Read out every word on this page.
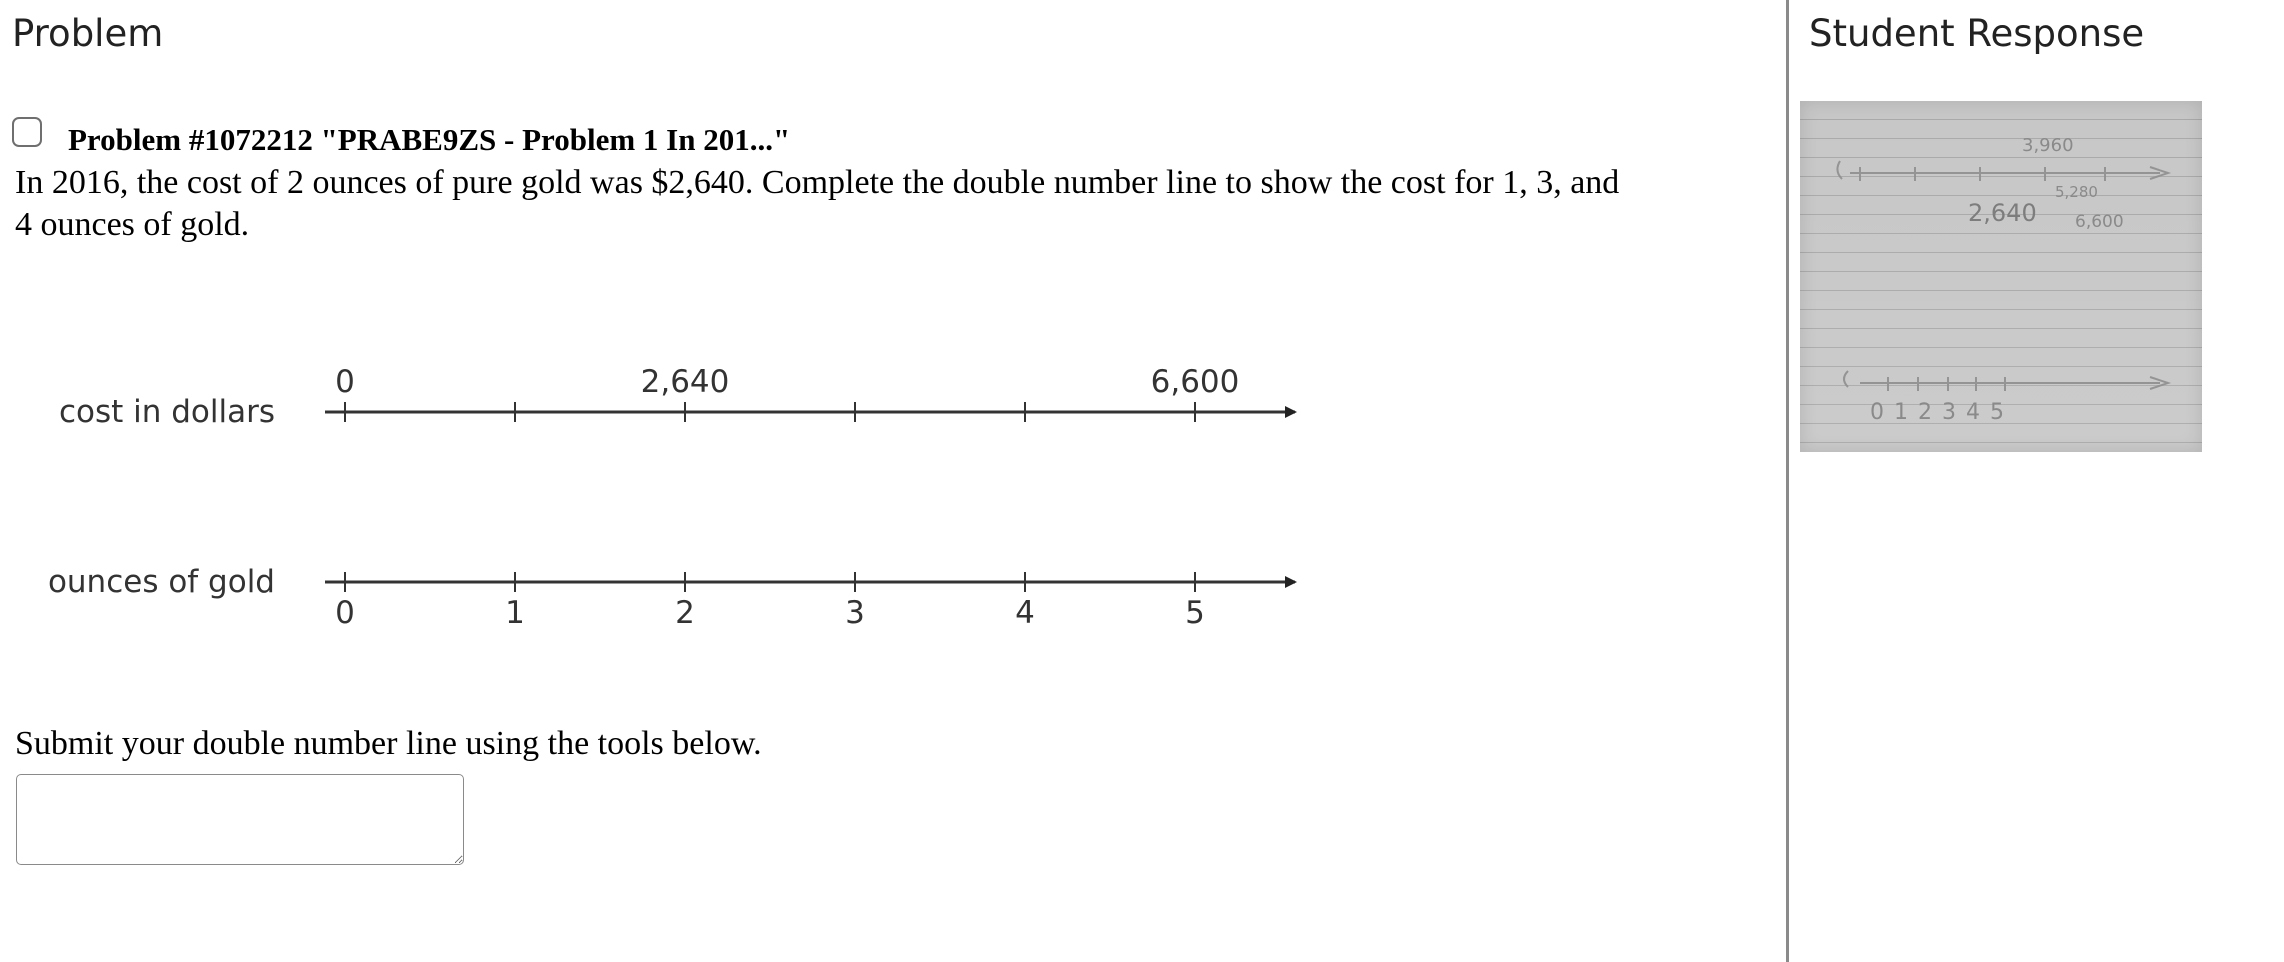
Problem
Problem #1072212 "PRABE9ZS - Problem 1 In 201..."
In 2016, the cost of 2 ounces of pure gold was $2,640. Complete the double number line to show the cost for 1, 3, and 4 ounces of gold.
cost in dollars
0	2,640	6,600
ounces of gold
0	1	2	3	4	5
Submit your double number line using the tools below.
Student Response
2,640
3,960
5,280
6,600
012345
